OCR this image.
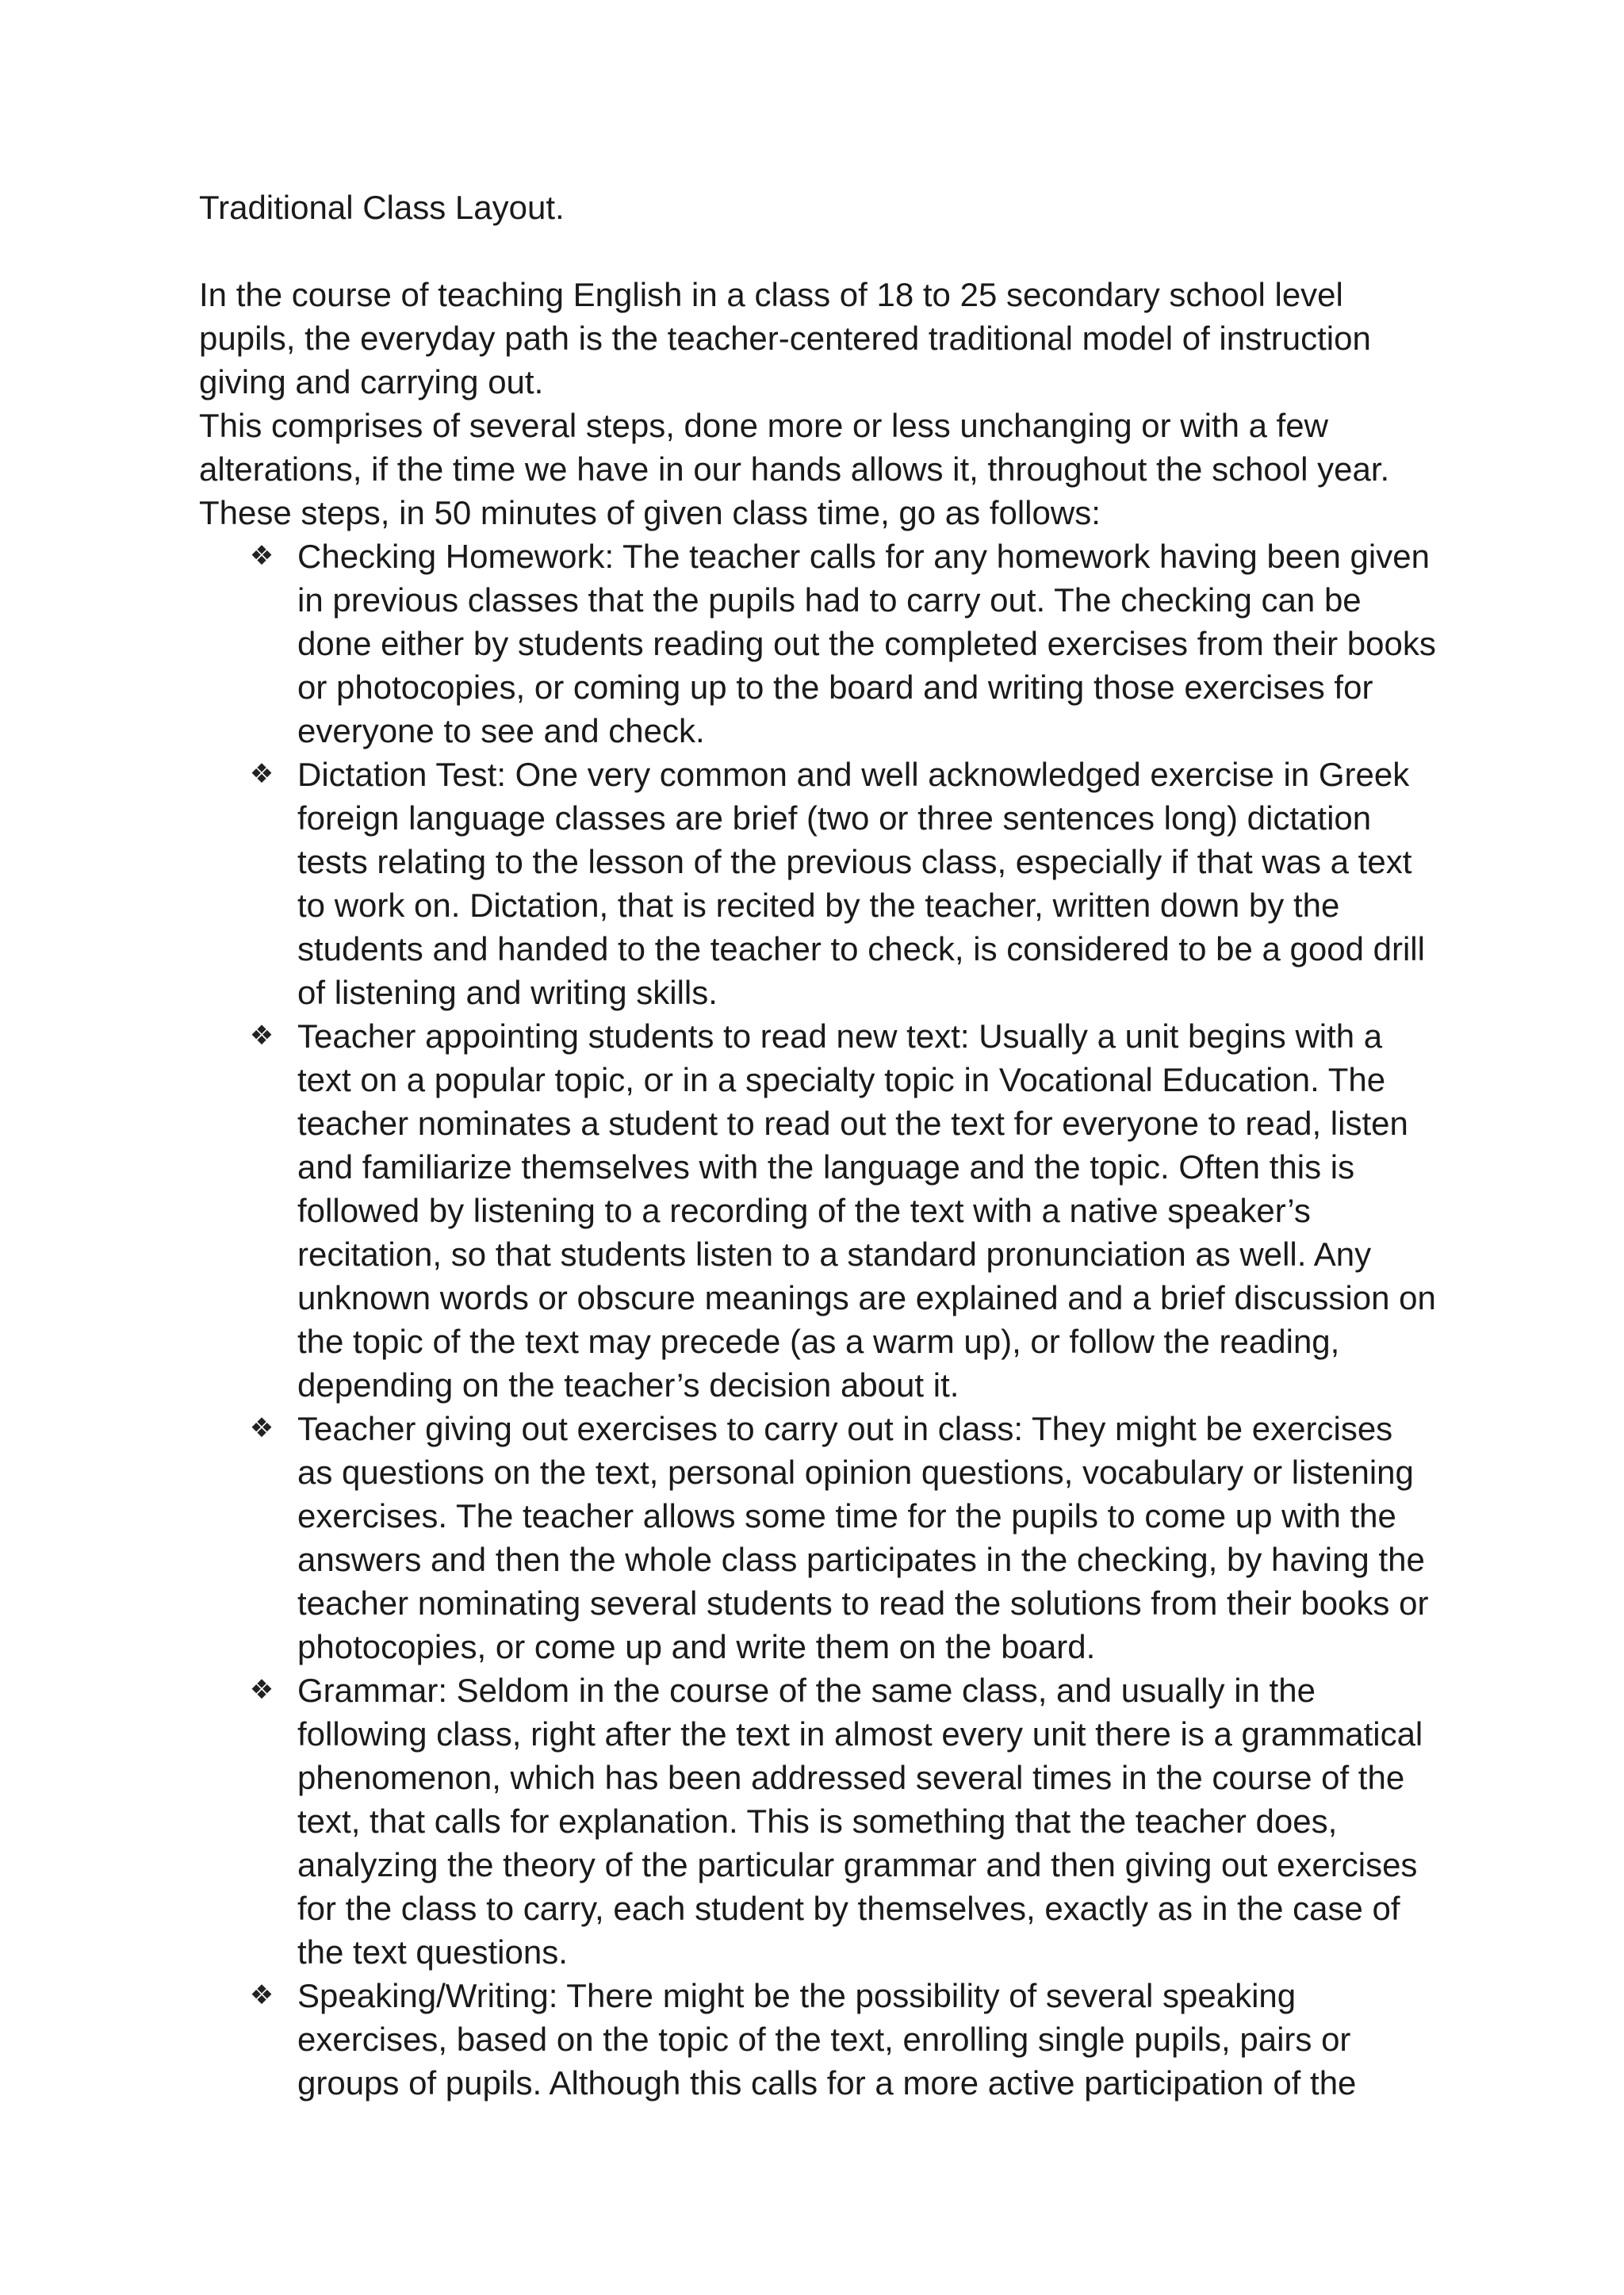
Traditional Class Layout.

In the course of teaching English in a class of 18 to 25 secondary school level pupils, the everyday path is the teacher-centered traditional model of instruction giving and carrying out.

This comprises of several steps, done more or less unchanging or with a few alterations, if the time we have in our hands allows it, throughout the school year.

These steps, in 50 minutes of given class time, go as follows:

❖ Checking Homework: The teacher calls for any homework having been given in previous classes that the pupils had to carry out. The checking can be done either by students reading out the completed exercises from their books or photocopies, or coming up to the board and writing those exercises for everyone to see and check.
❖ Dictation Test: One very common and well acknowledged exercise in Greek foreign language classes are brief (two or three sentences long) dictation tests relating to the lesson of the previous class, especially if that was a text to work on. Dictation, that is recited by the teacher, written down by the students and handed to the teacher to check, is considered to be a good drill of listening and writing skills.
❖ Teacher appointing students to read new text: Usually a unit begins with a text on a popular topic, or in a specialty topic in Vocational Education. The teacher nominates a student to read out the text for everyone to read, listen and familiarize themselves with the language and the topic. Often this is followed by listening to a recording of the text with a native speaker’s recitation, so that students listen to a standard pronunciation as well. Any unknown words or obscure meanings are explained and a brief discussion on the topic of the text may precede (as a warm up), or follow the reading, depending on the teacher’s decision about it.
❖ Teacher giving out exercises to carry out in class: They might be exercises as questions on the text, personal opinion questions, vocabulary or listening exercises. The teacher allows some time for the pupils to come up with the answers and then the whole class participates in the checking, by having the teacher nominating several students to read the solutions from their books or photocopies, or come up and write them on the board.
❖ Grammar: Seldom in the course of the same class, and usually in the following class, right after the text in almost every unit there is a grammatical phenomenon, which has been addressed several times in the course of the text, that calls for explanation. This is something that the teacher does, analyzing the theory of the particular grammar and then giving out exercises for the class to carry, each student by themselves, exactly as in the case of the text questions.
❖ Speaking/Writing: There might be the possibility of several speaking exercises, based on the topic of the text, enrolling single pupils, pairs or groups of pupils. Although this calls for a more active participation of the
